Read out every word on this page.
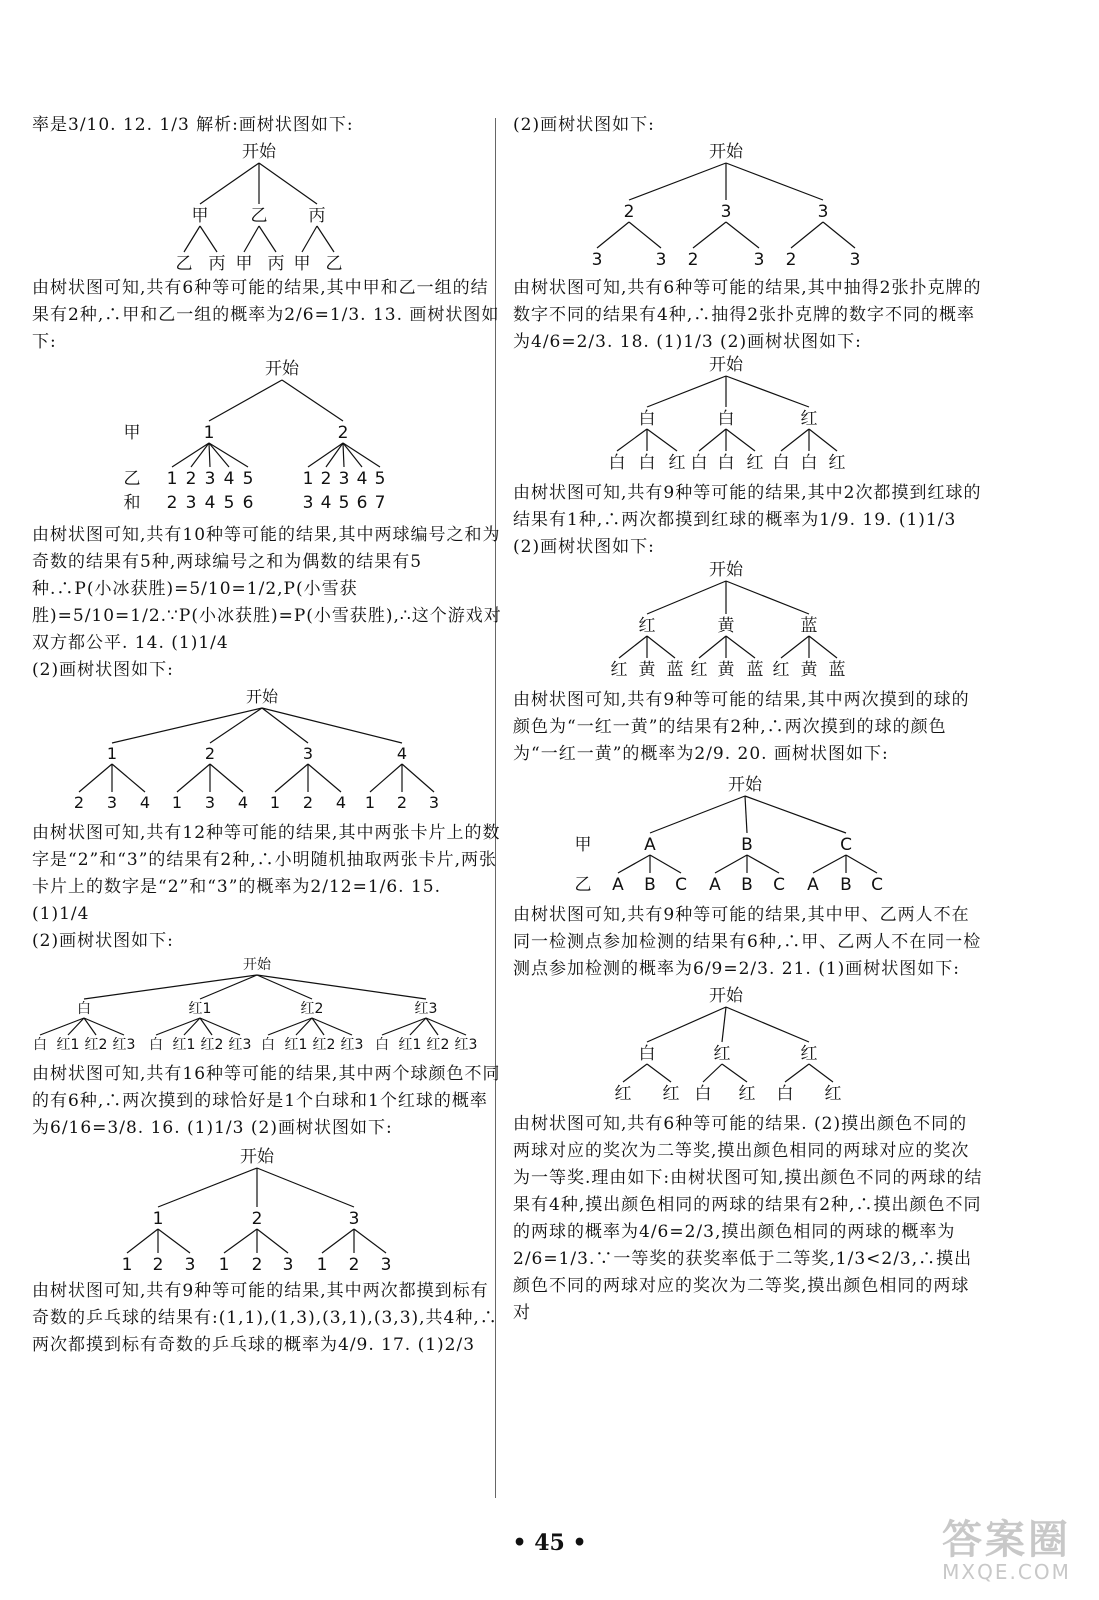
率是3/10. 12. 1/3 解析:画树状图如下:

开始
甲 乙 丙
乙 丙 甲 丙 甲 乙

由树状图可知,共有6种等可能的结果,其中甲和乙一组的结果有2种,∴甲和乙一组的概率为2/6=1/3. 13. 画树状图如下:

开始
1	2
1 2 3 4 5	1 2 3 4 5
2 3 4 5 6	3 4 5 6 7
甲
乙
和

由树状图可知,共有10种等可能的结果,其中两球编号之和为奇数的结果有5种,两球编号之和为偶数的结果有5种.∴P(小冰获胜)=5/10=1/2,P(小雪获胜)=5/10=1/2.∵P(小冰获胜)=P(小雪获胜),∴这个游戏对双方都公平. 14. (1)1/4

(2)画树状图如下:

开始
1	2	3	4
2 3 4 1 3 4 1 2 4 1 2 3

由树状图可知,共有12种等可能的结果,其中两张卡片上的数字是“2”和“3”的结果有2种,∴小明随机抽取两张卡片,两张卡片上的数字是“2”和“3”的概率为2/12=1/6. 15. (1)1/4

(2)画树状图如下:

开始
白	红1	红2	红3
白 红1 红2 红3 白 红1 红2 红3 白 红1 红2 红3 白 红1 红2 红3

由树状图可知,共有16种等可能的结果,其中两个球颜色不同的有6种,∴两次摸到的球恰好是1个白球和1个红球的概率为6/16=3/8. 16. (1)1/3 (2)画树状图如下:

开始
1	2	3
1 2 3 1 2 3 1 2 3

由树状图可知,共有9种等可能的结果,其中两次都摸到标有奇数的乒乓球的结果有:(1,1),(1,3),(3,1),(3,3),共4种,∴两次都摸到标有奇数的乒乓球的概率为4/9. 17. (1)2/3

(2)画树状图如下:

开始
2	3	3
3	3 2	3 2	3

由树状图可知,共有6种等可能的结果,其中抽得2张扑克牌的数字不同的结果有4种,∴抽得2张扑克牌的数字不同的概率为4/6=2/3. 18. (1)1/3 (2)画树状图如下:

开始
白	白	红
白 白 红 白 白 红 白 白 红

由树状图可知,共有9种等可能的结果,其中2次都摸到红球的结果有1种,∴两次都摸到红球的概率为1/9. 19. (1)1/3

(2)画树状图如下:

开始
红	黄	蓝
红 黄 蓝 红 黄 蓝 红 黄 蓝

由树状图可知,共有9种等可能的结果,其中两次摸到的球的颜色为“一红一黄”的结果有2种,∴两次摸到的球的颜色为“一红一黄”的概率为2/9. 20. 画树状图如下:

开始
A	B	C
A B C A B C A B C
甲
乙

由树状图可知,共有9种等可能的结果,其中甲、乙两人不在同一检测点参加检测的结果有6种,∴甲、乙两人不在同一检测点参加检测的概率为6/9=2/3. 21. (1)画树状图如下:

开始
白	红	红
红 红 白 红 白 红

由树状图可知,共有6种等可能的结果. (2)摸出颜色不同的两球对应的奖次为二等奖,摸出颜色相同的两球对应的奖次为一等奖.理由如下:由树状图可知,摸出颜色不同的两球的结果有4种,摸出颜色相同的两球的结果有2种,∴摸出颜色不同的两球的概率为4/6=2/3,摸出颜色相同的两球的概率为2/6=1/3.∵一等奖的获奖率低于二等奖,1/3<2/3,∴摸出颜色不同的两球对应的奖次为二等奖,摸出颜色相同的两球对

• 45 •	答案圈
MXQE.COM
